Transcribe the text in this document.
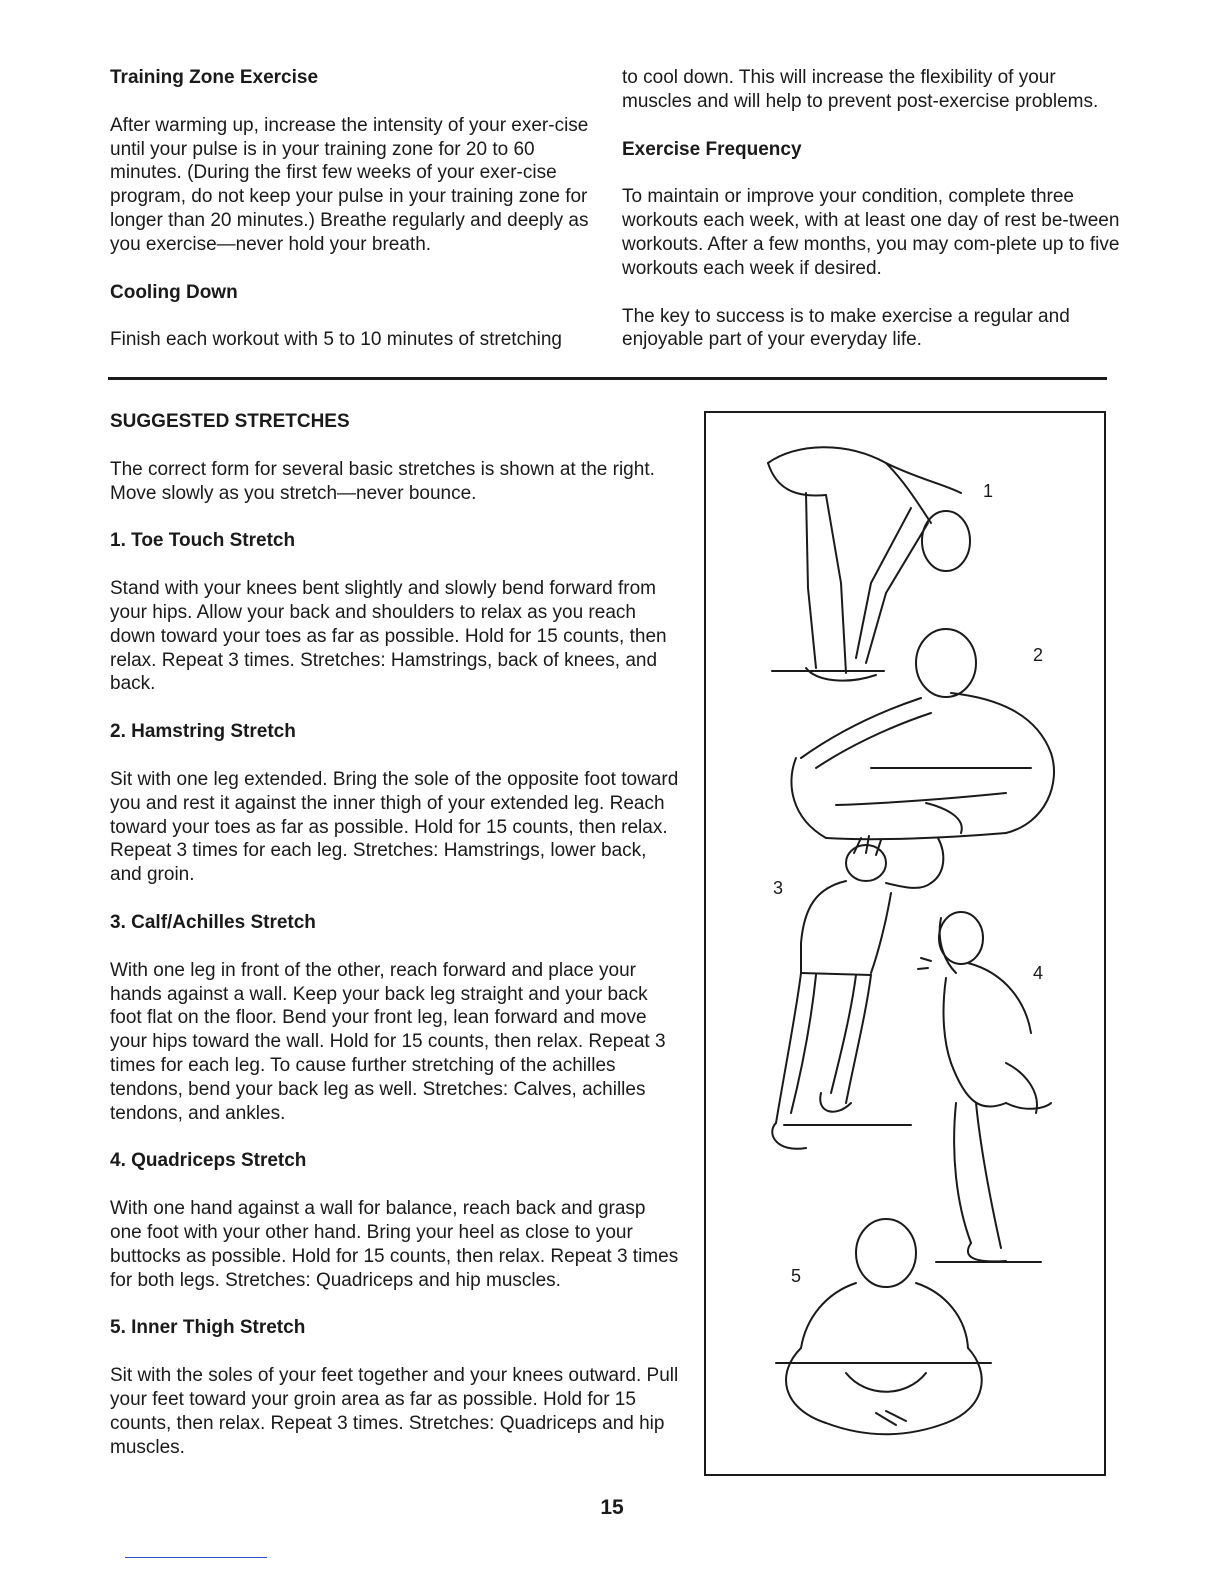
Training Zone Exercise

After warming up, increase the intensity of your exer-cise until your pulse is in your training zone for 20 to 60 minutes. (During the first few weeks of your exer-cise program, do not keep your pulse in your training zone for longer than 20 minutes.) Breathe regularly and deeply as you exercise—never hold your breath.

Cooling Down

Finish each workout with 5 to 10 minutes of stretching

to cool down. This will increase the flexibility of your muscles and will help to prevent post-exercise problems.

Exercise Frequency

To maintain or improve your condition, complete three workouts each week, with at least one day of rest be-tween workouts. After a few months, you may com-plete up to five workouts each week if desired.

The key to success is to make exercise a regular and enjoyable part of your everyday life.

SUGGESTED STRETCHES

The correct form for several basic stretches is shown at the right. Move slowly as you stretch—never bounce.

1. Toe Touch Stretch

Stand with your knees bent slightly and slowly bend forward from your hips. Allow your back and shoulders to relax as you reach down toward your toes as far as possible. Hold for 15 counts, then relax. Repeat 3 times. Stretches: Hamstrings, back of knees, and back.

2. Hamstring Stretch

Sit with one leg extended. Bring the sole of the opposite foot toward you and rest it against the inner thigh of your extended leg. Reach toward your toes as far as possible. Hold for 15 counts, then relax. Repeat 3 times for each leg. Stretches: Hamstrings, lower back, and groin.

3. Calf/Achilles Stretch

With one leg in front of the other, reach forward and place your hands against a wall. Keep your back leg straight and your back foot flat on the floor. Bend your front leg, lean forward and move your hips toward the wall. Hold for 15 counts, then relax. Repeat 3 times for each leg. To cause further stretching of the achilles tendons, bend your back leg as well. Stretches: Calves, achilles tendons, and ankles.

4. Quadriceps Stretch

With one hand against a wall for balance, reach back and grasp one foot with your other hand. Bring your heel as close to your buttocks as possible. Hold for 15 counts, then relax. Repeat 3 times for both legs. Stretches: Quadriceps and hip muscles.

5. Inner Thigh Stretch

Sit with the soles of your feet together and your knees outward. Pull your feet toward your groin area as far as possible. Hold for 15 counts, then relax. Repeat 3 times. Stretches: Quadriceps and hip muscles.

1
2
3
4
5
15
